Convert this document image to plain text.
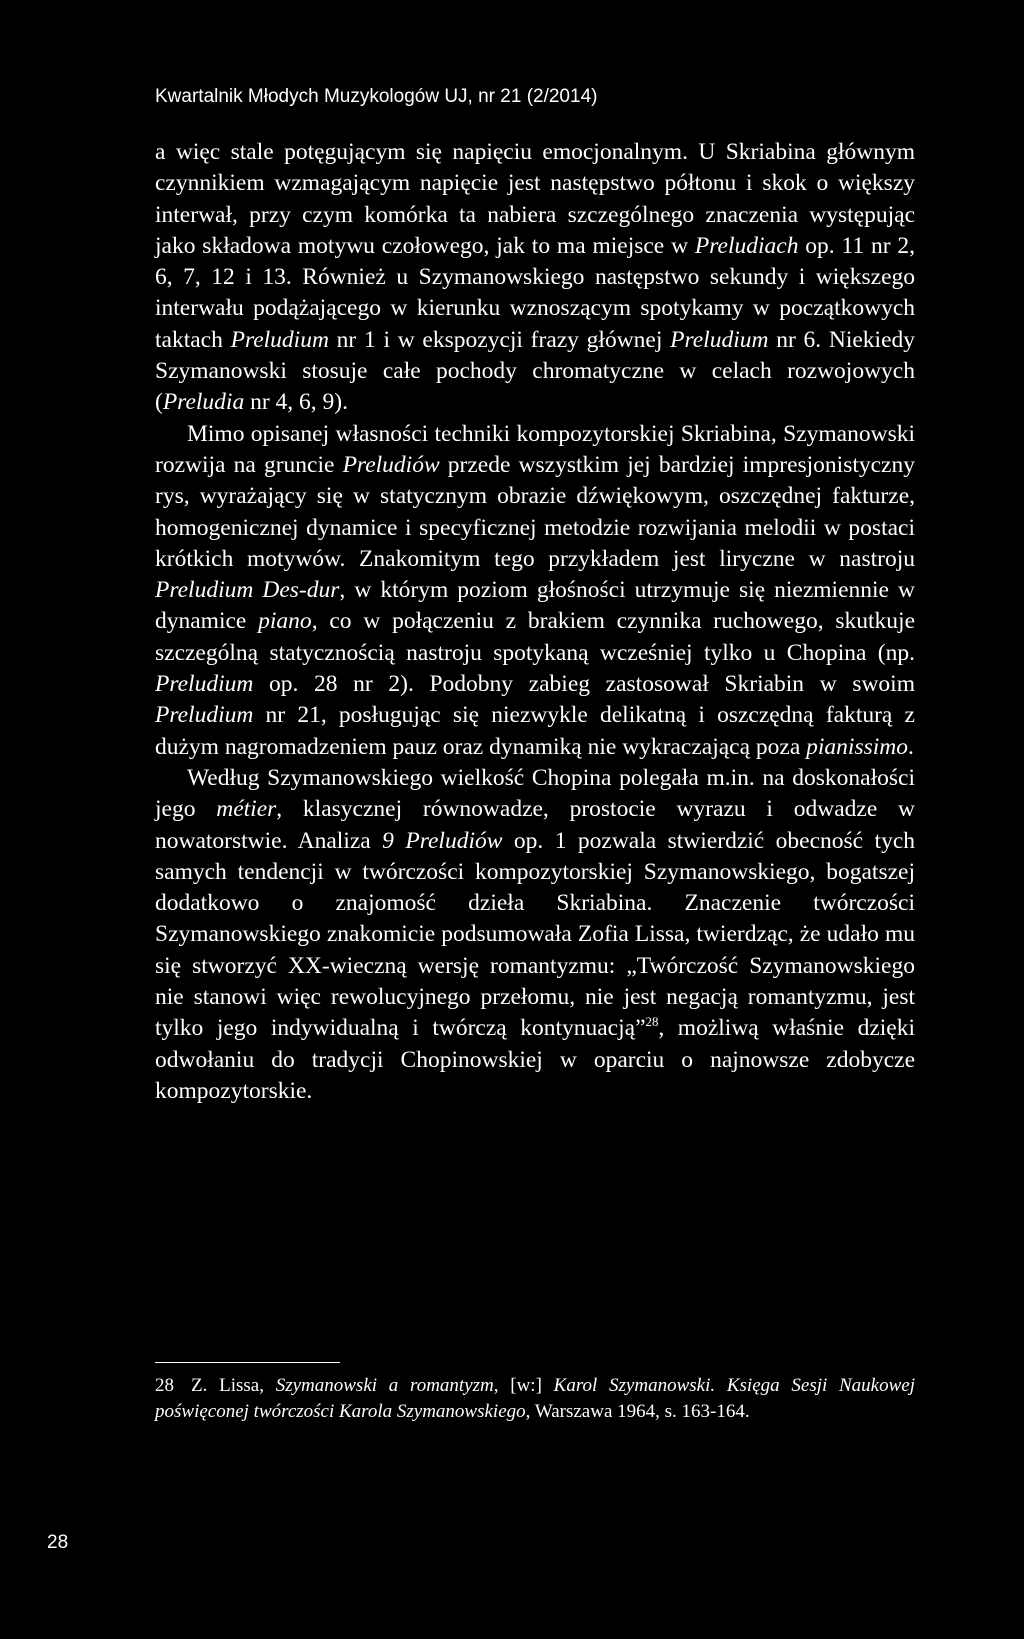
Kwartalnik Młodych Muzykologów UJ, nr 21 (2/2014)

a więc stale potęgującym się napięciu emocjonalnym. U Skriabina głównym czynnikiem wzmagającym napięcie jest następstwo półtonu i skok o większy interwał, przy czym komórka ta nabiera szczególnego znaczenia występując jako składowa motywu czołowego, jak to ma miejsce w Preludiach op. 11 nr 2, 6, 7, 12 i 13. Również u Szymanowskiego następstwo sekundy i większego interwału podążającego w kierunku wznoszącym spotykamy w początkowych taktach Preludium nr 1 i w ekspozycji frazy głównej Preludium nr 6. Niekiedy Szymanowski stosuje całe pochody chromatyczne w celach rozwojowych (Preludia nr 4, 6, 9).

Mimo opisanej własności techniki kompozytorskiej Skriabina, Szymanowski rozwija na gruncie Preludiów przede wszystkim jej bardziej impresjonistyczny rys, wyrażający się w statycznym obrazie dźwiękowym, oszczędnej fakturze, homogenicznej dynamice i specyficznej metodzie rozwijania melodii w postaci krótkich motywów. Znakomitym tego przykładem jest liryczne w nastroju Preludium Des-dur, w którym poziom głośności utrzymuje się niezmiennie w dynamice piano, co w połączeniu z brakiem czynnika ruchowego, skutkuje szczególną statycznością nastroju spotykaną wcześniej tylko u Chopina (np. Preludium op. 28 nr 2). Podobny zabieg zastosował Skriabin w swoim Preludium nr 21, posługując się niezwykle delikatną i oszczędną fakturą z dużym nagromadzeniem pauz oraz dynamiką nie wykraczającą poza pianissimo.

Według Szymanowskiego wielkość Chopina polegała m.in. na doskonałości jego métier, klasycznej równowadze, prostocie wyrazu i odwadze w nowatorstwie. Analiza 9 Preludiów op. 1 pozwala stwierdzić obecność tych samych tendencji w twórczości kompozytorskiej Szymanowskiego, bogatszej dodatkowo o znajomość dzieła Skriabina. Znaczenie twórczości Szymanowskiego znakomicie podsumowała Zofia Lissa, twierdząc, że udało mu się stworzyć XX-wieczną wersję romantyzmu: „Twórczość Szymanowskiego nie stanowi więc rewolucyjnego przełomu, nie jest negacją romantyzmu, jest tylko jego indywidualną i twórczą kontynuacją”$^{28}$, możliwą właśnie dzięki odwołaniu do tradycji Chopinowskiej w oparciu o najnowsze zdobycze kompozytorskie.

28 Z. Lissa, Szymanowski a romantyzm, [w:] Karol Szymanowski. Księga Sesji Naukowej poświęconej twórczości Karola Szymanowskiego, Warszawa 1964, s. 163-164.
28
